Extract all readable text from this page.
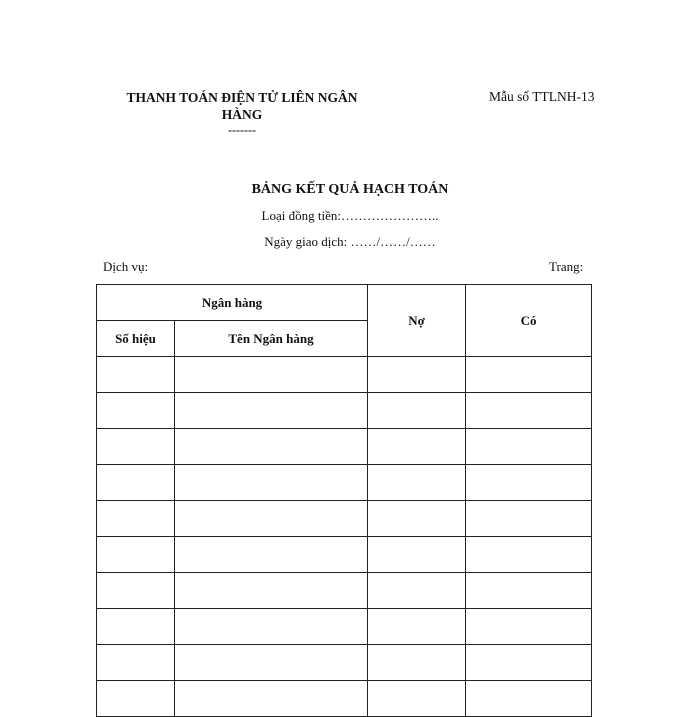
THANH TOÁN ĐIỆN TỬ LIÊN NGÂN
HÀNG
-------
Mẫu số TTLNH-13
BẢNG KẾT QUẢ HẠCH TOÁN
Loại đồng tiền:…………………..
Ngày giao dịch: ……/……/……
Dịch vụ:	Trang:
Ngân hàng		Nợ	Có
Số hiệu	Tên Ngân hàng		
